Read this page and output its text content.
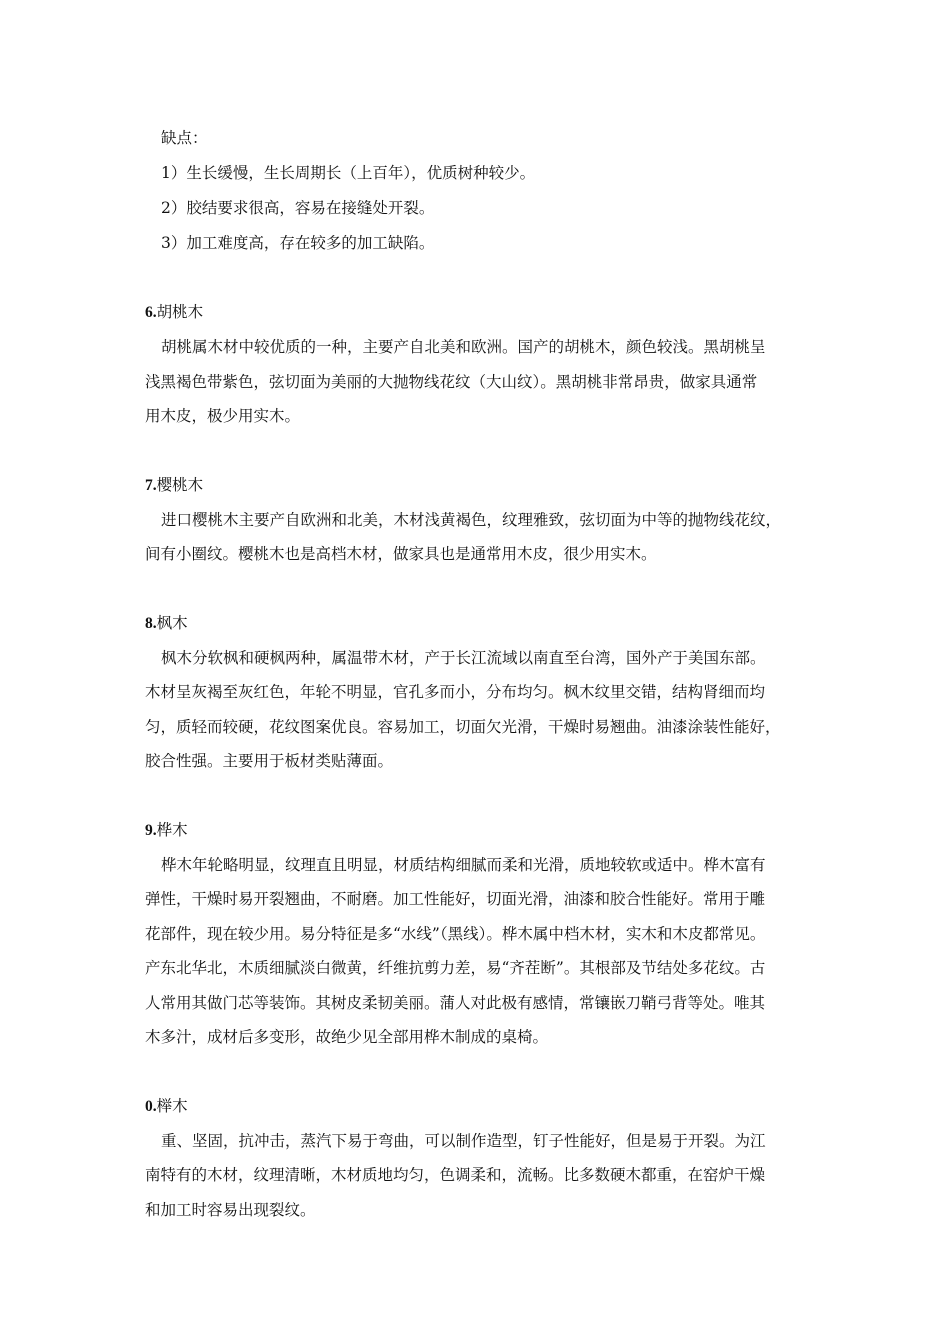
缺点：
1）生长缓慢，生长周期长（上百年），优质树种较少。
2）胶结要求很高，容易在接缝处开裂。
3）加工难度高，存在较多的加工缺陷。
6.胡桃木
胡桃属木材中较优质的一种，主要产自北美和欧洲。国产的胡桃木，颜色较浅。黑胡桃呈
浅黑褐色带紫色，弦切面为美丽的大抛物线花纹（大山纹）。黑胡桃非常昂贵，做家具通常
用木皮，极少用实木。
7.樱桃木
进口樱桃木主要产自欧洲和北美，木材浅黄褐色，纹理雅致，弦切面为中等的抛物线花纹，
间有小圈纹。樱桃木也是高档木材，做家具也是通常用木皮，很少用实木。
8.枫木
枫木分软枫和硬枫两种，属温带木材，产于长江流域以南直至台湾，国外产于美国东部。
木材呈灰褐至灰红色，年轮不明显，官孔多而小，分布均匀。枫木纹里交错，结构肾细而均
匀，质轻而较硬，花纹图案优良。容易加工，切面欠光滑，干燥时易翘曲。油漆涂装性能好，
胶合性强。主要用于板材类贴薄面。
9.桦木
桦木年轮略明显，纹理直且明显，材质结构细腻而柔和光滑，质地较软或适中。桦木富有
弹性，干燥时易开裂翘曲，不耐磨。加工性能好，切面光滑，油漆和胶合性能好。常用于雕
花部件，现在较少用。易分特征是多“水线”（黑线）。桦木属中档木材，实木和木皮都常见。
产东北华北，木质细腻淡白微黄，纤维抗剪力差，易“齐茬断”。其根部及节结处多花纹。古
人常用其做门芯等装饰。其树皮柔韧美丽。蒲人对此极有感情，常镶嵌刀鞘弓背等处。唯其
木多汁，成材后多变形，故绝少见全部用桦木制成的桌椅。
0.榉木
重、坚固，抗冲击，蒸汽下易于弯曲，可以制作造型，钉子性能好，但是易于开裂。为江
南特有的木材，纹理清晰，木材质地均匀，色调柔和，流畅。比多数硬木都重，在窑炉干燥
和加工时容易出现裂纹。
